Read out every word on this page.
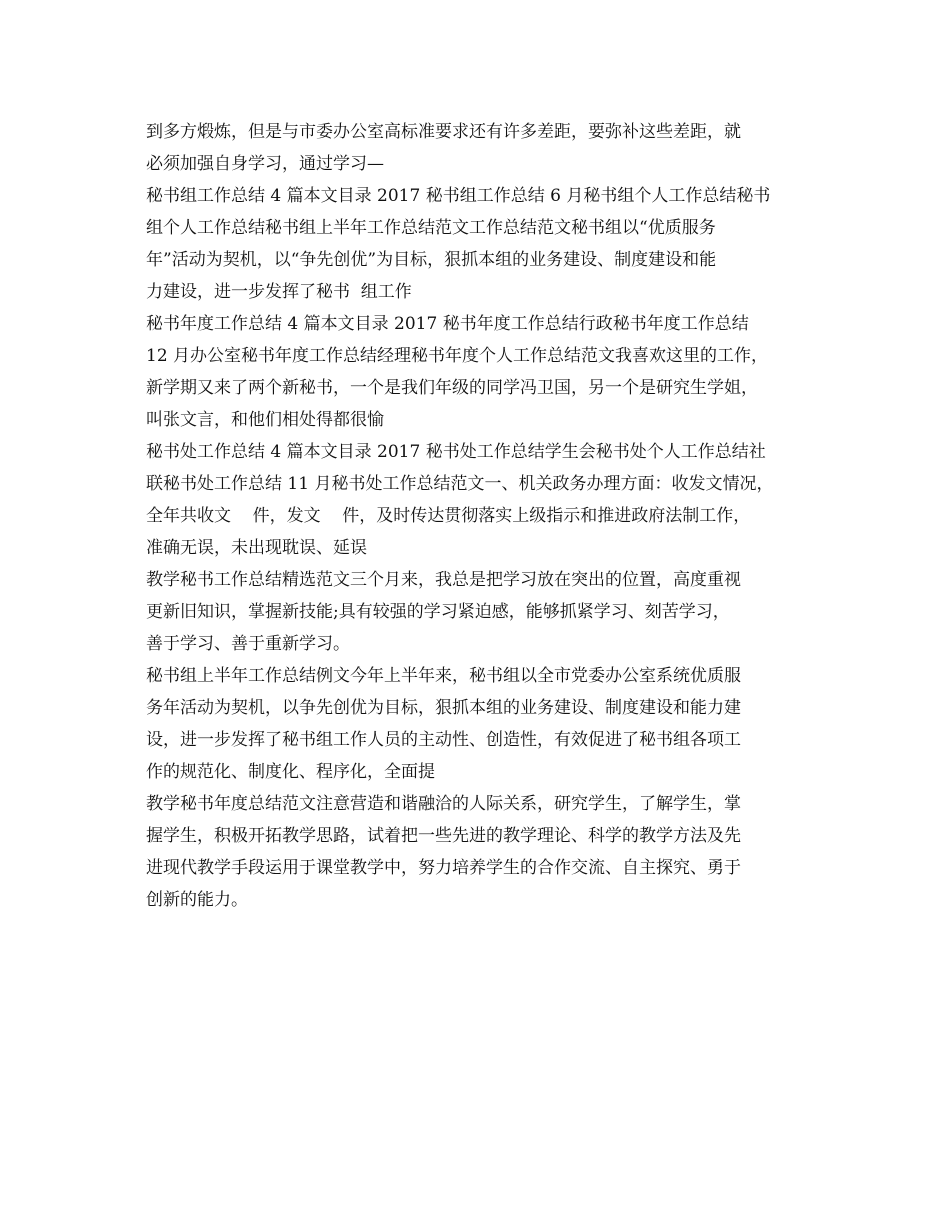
到多方煅炼，但是与市委办公室高标准要求还有许多差距，要弥补这些差距，就
必须加强自身学习，通过学习—
秘书组工作总结 4 篇本文目录 2017 秘书组工作总结 6 月秘书组个人工作总结秘书
组个人工作总结秘书组上半年工作总结范文工作总结范文秘书组以“优质服务
年”活动为契机，以“争先创优”为目标，狠抓本组的业务建设、制度建设和能
力建设，进一步发挥了秘书  组工作
秘书年度工作总结 4 篇本文目录 2017 秘书年度工作总结行政秘书年度工作总结
12 月办公室秘书年度工作总结经理秘书年度个人工作总结范文我喜欢这里的工作，
新学期又来了两个新秘书，一个是我们年级的同学冯卫国，另一个是研究生学姐，
叫张文言，和他们相处得都很愉
秘书处工作总结 4 篇本文目录 2017 秘书处工作总结学生会秘书处个人工作总结社
联秘书处工作总结 11 月秘书处工作总结范文一、机关政务办理方面：收发文情况，
全年共收文    件，发文    件，及时传达贯彻落实上级指示和推进政府法制工作，
准确无误，未出现耽误、延误
教学秘书工作总结精选范文三个月来，我总是把学习放在突出的位置，高度重视
更新旧知识，掌握新技能;具有较强的学习紧迫感，能够抓紧学习、刻苦学习，
善于学习、善于重新学习。
秘书组上半年工作总结例文今年上半年来，秘书组以全市党委办公室系统优质服
务年活动为契机，以争先创优为目标，狠抓本组的业务建设、制度建设和能力建
设，进一步发挥了秘书组工作人员的主动性、创造性，有效促进了秘书组各项工
作的规范化、制度化、程序化，全面提
教学秘书年度总结范文注意营造和谐融洽的人际关系，研究学生，了解学生，掌
握学生，积极开拓教学思路，试着把一些先进的教学理论、科学的教学方法及先
进现代教学手段运用于课堂教学中，努力培养学生的合作交流、自主探究、勇于
创新的能力。
